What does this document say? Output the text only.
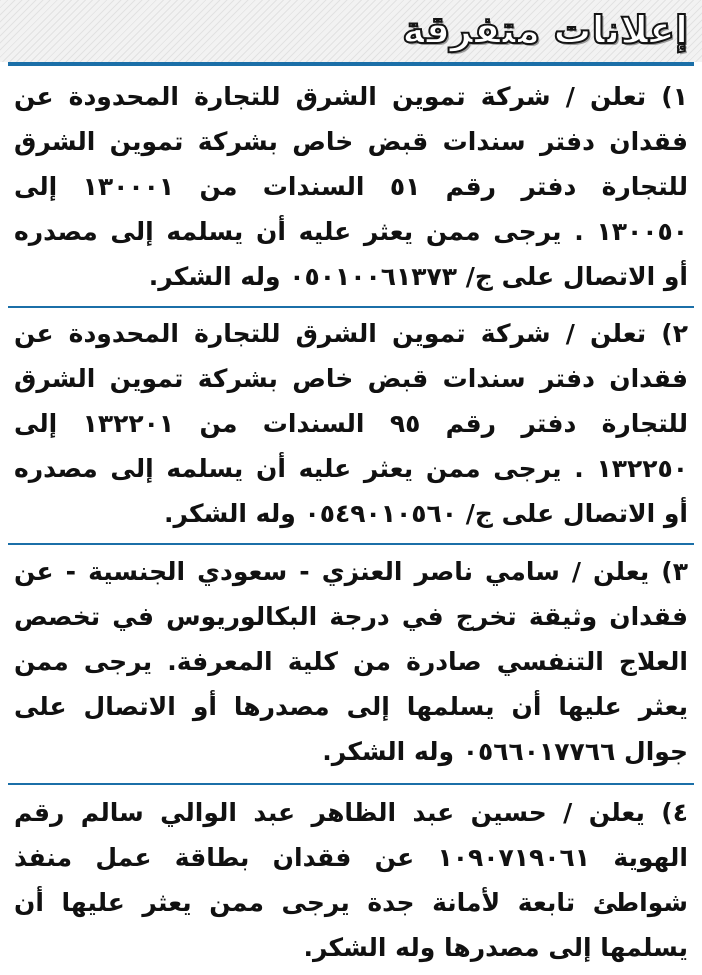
إعلانات متفرقة
١) تعلن / شركة تموين الشرق للتجارة المحدودة عن
فقدان دفتر سندات قبض خاص بشركة تموين الشرق
للتجارة دفتر رقم ٥١ السندات من ١٣٠٠٠١ إلى
١٣٠٠٥٠ . يرجى ممن يعثر عليه أن يسلمه إلى مصدره
أو الاتصال على ج/ ٠٥٠١٠٠٦١٣٧٣ وله الشكر.
٢) تعلن / شركة تموين الشرق للتجارة المحدودة عن
فقدان دفتر سندات قبض خاص بشركة تموين الشرق
للتجارة دفتر رقم ٩٥ السندات من ١٣٢٢٠١ إلى
١٣٢٢٥٠ . يرجى ممن يعثر عليه أن يسلمه إلى مصدره
أو الاتصال على ج/ ٠٥٤٩٠١٠٥٦٠ وله الشكر.
٣) يعلن / سامي ناصر العنزي - سعودي الجنسية - عن
فقدان وثيقة تخرج في درجة البكالوريوس في تخصص
العلاج التنفسي صادرة من كلية المعرفة. يرجى ممن
يعثر عليها أن يسلمها إلى مصدرها أو الاتصال على
جوال ٠٥٦٦٠١٧٧٦٦ وله الشكر.
٤) يعلن / حسين عبد الظاهر عبد الوالي سالم رقم
الهوية ١٠٩٠٧١٩٠٦١ عن فقدان بطاقة عمل منفذ
شواطئ تابعة لأمانة جدة يرجى ممن يعثر عليها أن
يسلمها إلى مصدرها وله الشكر.
